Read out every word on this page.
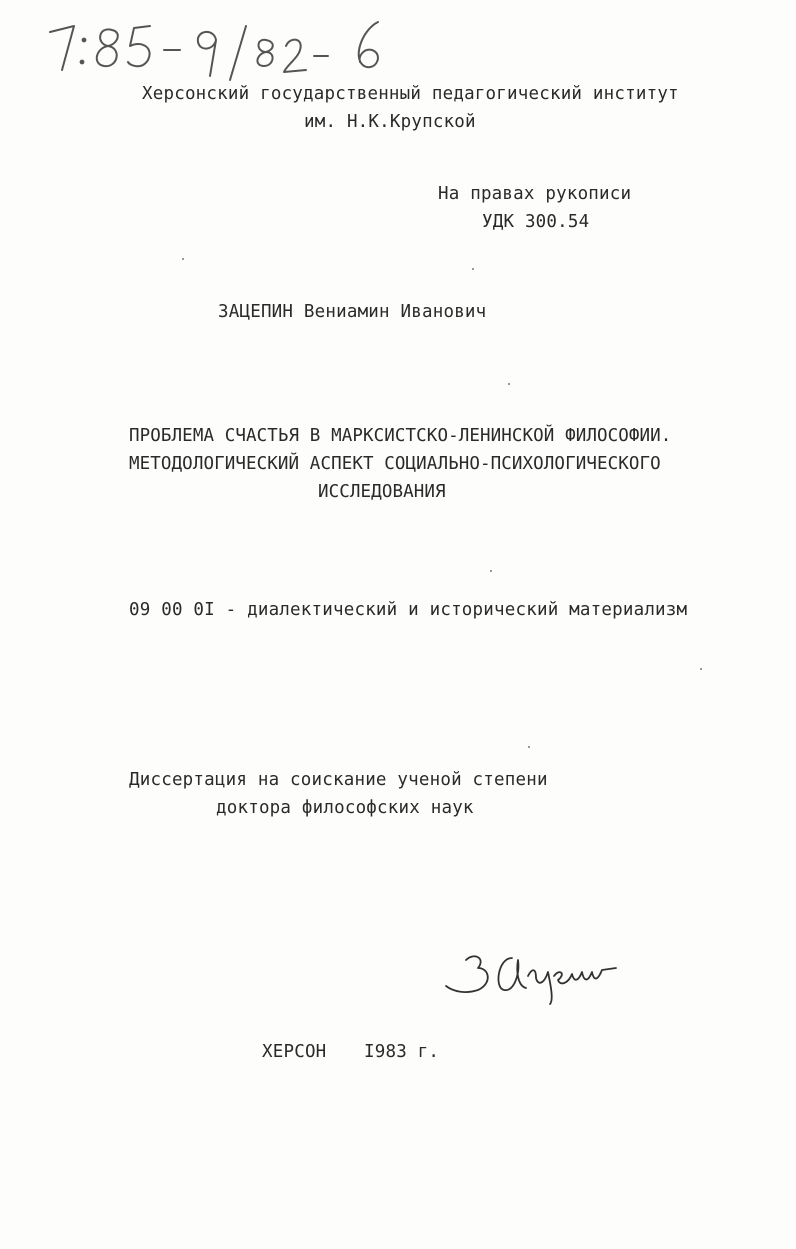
Херсонский государственный педагогический институт
им. Н.К.Крупской
На правах рукописи
УДК 300.54
ЗАЦЕПИН Вениамин Иванович
ПРОБЛЕМА СЧАСТЬЯ В МАРКСИСТСКО-ЛЕНИНСКОЙ ФИЛОСОФИИ.
МЕТОДОЛОГИЧЕСКИЙ АСПЕКТ СОЦИАЛЬНО-ПСИХОЛОГИЧЕСКОГО
ИССЛЕДОВАНИЯ
09 00 0I - диалектический и исторический материализм
Диссертация на соискание ученой степени
доктора философских наук
ХЕРСОН I983 г.
